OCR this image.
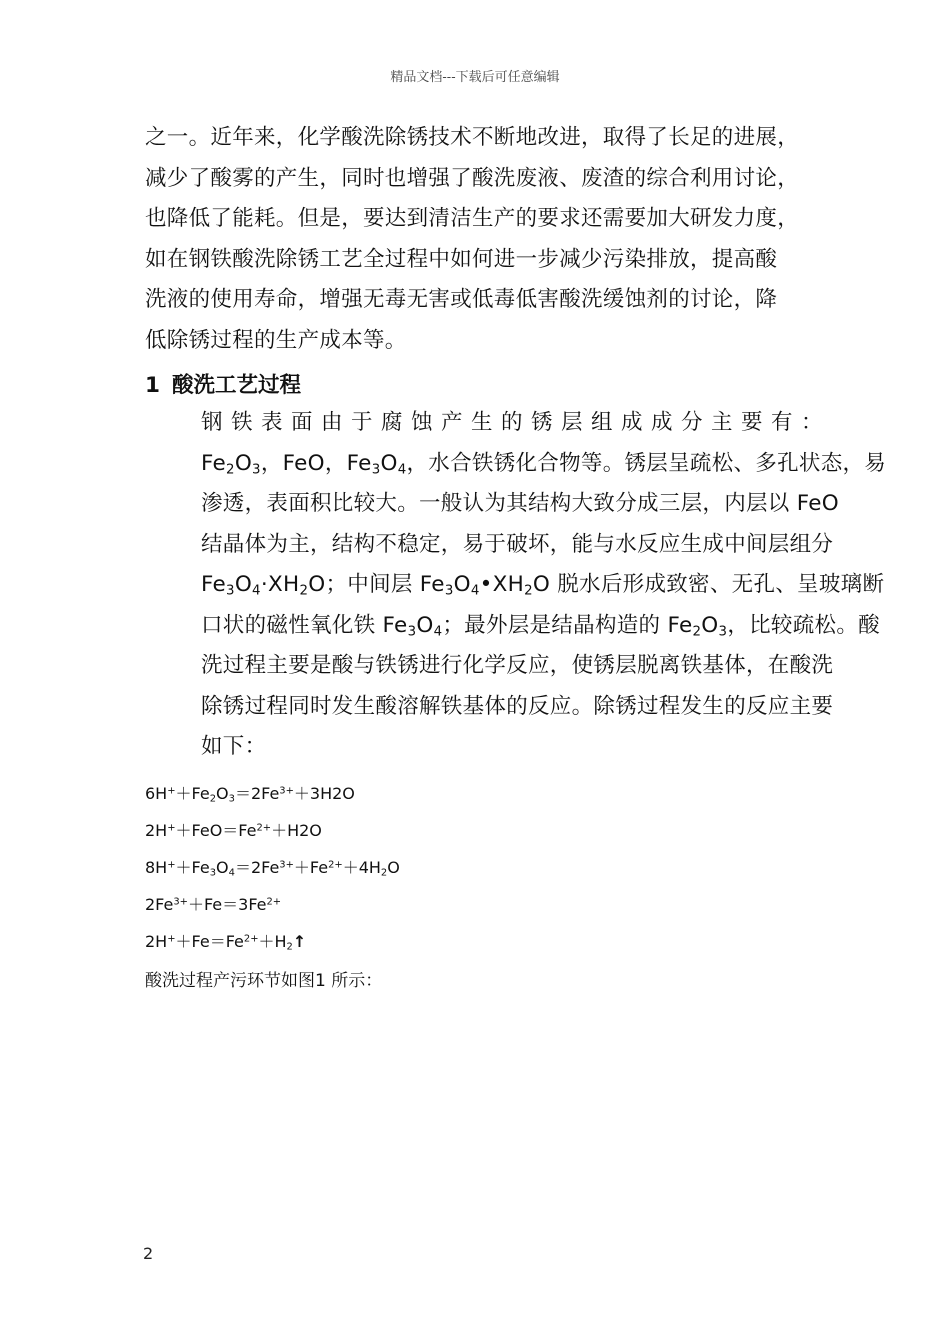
精品文档---下载后可任意编辑
之一。近年来，化学酸洗除锈技术不断地改进，取得了长足的进展，
减少了酸雾的产生，同时也增强了酸洗废液、废渣的综合利用讨论，
也降低了能耗。但是，要达到清洁生产的要求还需要加大研发力度，
如在钢铁酸洗除锈工艺全过程中如何进一步减少污染排放，提高酸
洗液的使用寿命，增强无毒无害或低毒低害酸洗缓蚀剂的讨论，降
低除锈过程的生产成本等。
1 酸洗工艺过程
钢铁表面由于腐蚀产生的锈层组成成分主要有：
$Fe_2O_3$，FeO，$Fe_3O_4$，水合铁锈化合物等。锈层呈疏松、多孔状态，易
渗透，表面积比较大。一般认为其结构大致分成三层，内层以 FeO
结晶体为主，结构不稳定，易于破坏，能与水反应生成中间层组分
$Fe_3O_4\cdot XH_2O$；中间层 $Fe_3O_4•XH_2O$ 脱水后形成致密、无孔、呈玻璃断
口状的磁性氧化铁 $Fe_3O_4$；最外层是结晶构造的 $Fe_2O_3$，比较疏松。酸
洗过程主要是酸与铁锈进行化学反应，使锈层脱离铁基体，在酸洗
除锈过程同时发生酸溶解铁基体的反应。除锈过程发生的反应主要
如下：
$6H^++Fe_2O_3=2Fe^{3+}+3H2O$
$2H^++FeO=Fe^{2+}+H2O$
$8H^++Fe_3O_4=2Fe^{3+}+Fe^{2+}+4H_2O$
$2Fe^{3+}+Fe=3Fe^{2+}$
$2H^++Fe=Fe^{2+}+H_2↑$
酸洗过程产污环节如图1 所示：
2
